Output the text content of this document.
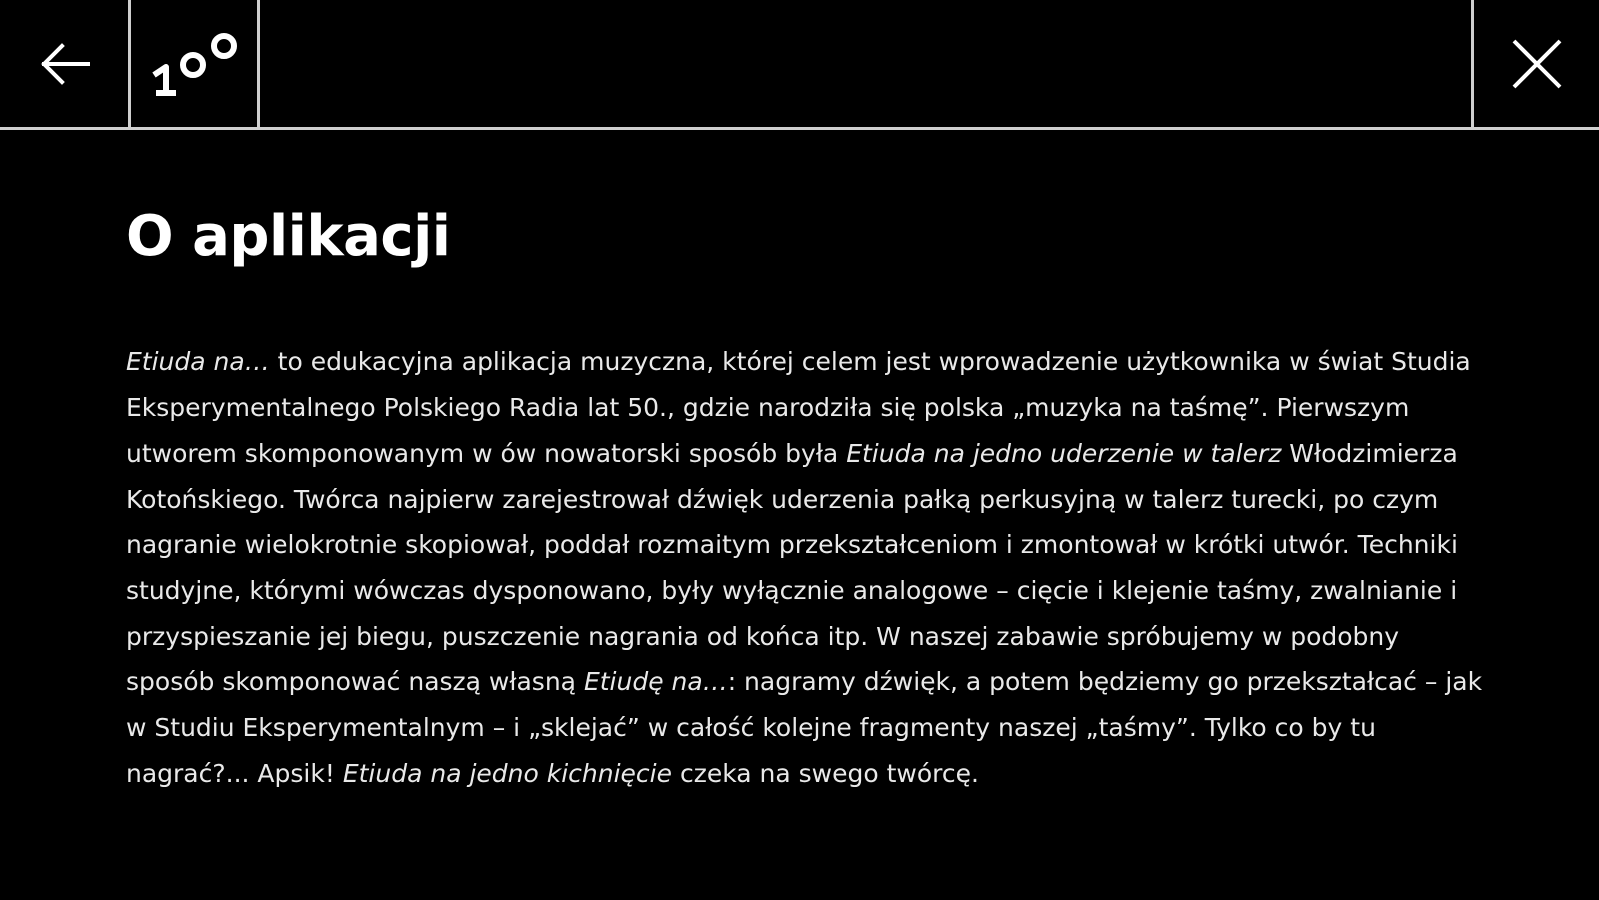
O aplikacji

Etiuda na… to edukacyjna aplikacja muzyczna, której celem jest wprowadzenie użytkownika w świat Studia Eksperymentalnego Polskiego Radia lat 50., gdzie narodziła się polska „muzyka na taśmę”. Pierwszym utworem skomponowanym w ów nowatorski sposób była Etiuda na jedno uderzenie w talerz Włodzimierza Kotońskiego. Twórca najpierw zarejestrował dźwięk uderzenia pałką perkusyjną w talerz turecki, po czym nagranie wielokrotnie skopiował, poddał rozmaitym przekształceniom i zmontował w krótki utwór. Techniki studyjne, którymi wówczas dysponowano, były wyłącznie analogowe – cięcie i klejenie taśmy, zwalnianie i przyspieszanie jej biegu, puszczenie nagrania od końca itp. W naszej zabawie spróbujemy w podobny sposób skomponować naszą własną Etiudę na…: nagramy dźwięk, a potem będziemy go przekształcać – jak w Studiu Eksperymentalnym – i „sklejać” w całość kolejne fragmenty naszej „taśmy”. Tylko co by tu nagrać?... Apsik! Etiuda na jedno kichnięcie czeka na swego twórcę.
